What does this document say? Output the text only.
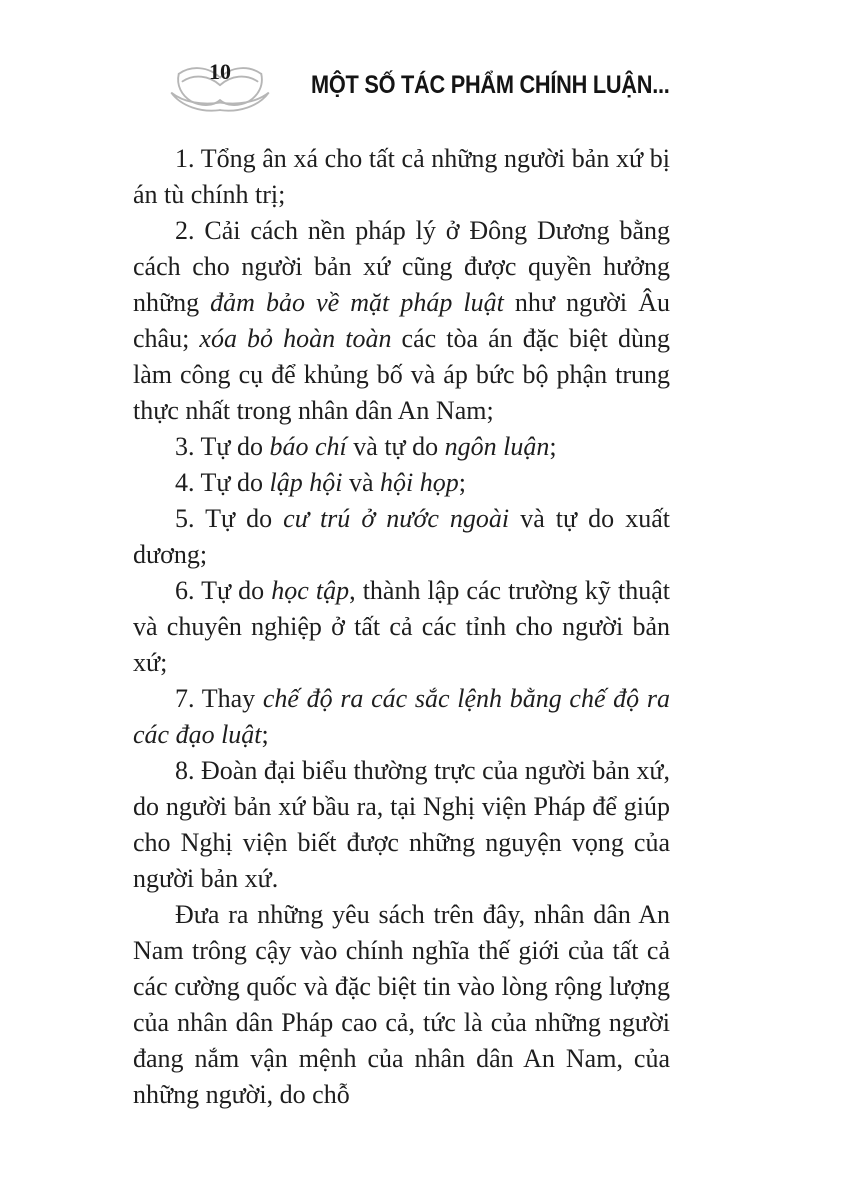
10	MỘT SỐ TÁC PHẨM CHÍNH LUẬN...

1. Tổng ân xá cho tất cả những người bản xứ bị án tù chính trị;

2. Cải cách nền pháp lý ở Đông Dương bằng cách cho người bản xứ cũng được quyền hưởng những đảm bảo về mặt pháp luật như người Âu châu; xóa bỏ hoàn toàn các tòa án đặc biệt dùng làm công cụ để khủng bố và áp bức bộ phận trung thực nhất trong nhân dân An Nam;

3. Tự do báo chí và tự do ngôn luận;

4. Tự do lập hội và hội họp;

5. Tự do cư trú ở nước ngoài và tự do xuất dương;

6. Tự do học tập, thành lập các trường kỹ thuật và chuyên nghiệp ở tất cả các tỉnh cho người bản xứ;

7. Thay chế độ ra các sắc lệnh bằng chế độ ra các đạo luật;

8. Đoàn đại biểu thường trực của người bản xứ, do người bản xứ bầu ra, tại Nghị viện Pháp để giúp cho Nghị viện biết được những nguyện vọng của người bản xứ.

Đưa ra những yêu sách trên đây, nhân dân An Nam trông cậy vào chính nghĩa thế giới của tất cả các cường quốc và đặc biệt tin vào lòng rộng lượng của nhân dân Pháp cao cả, tức là của những người đang nắm vận mệnh của nhân dân An Nam, của những người, do chỗ
